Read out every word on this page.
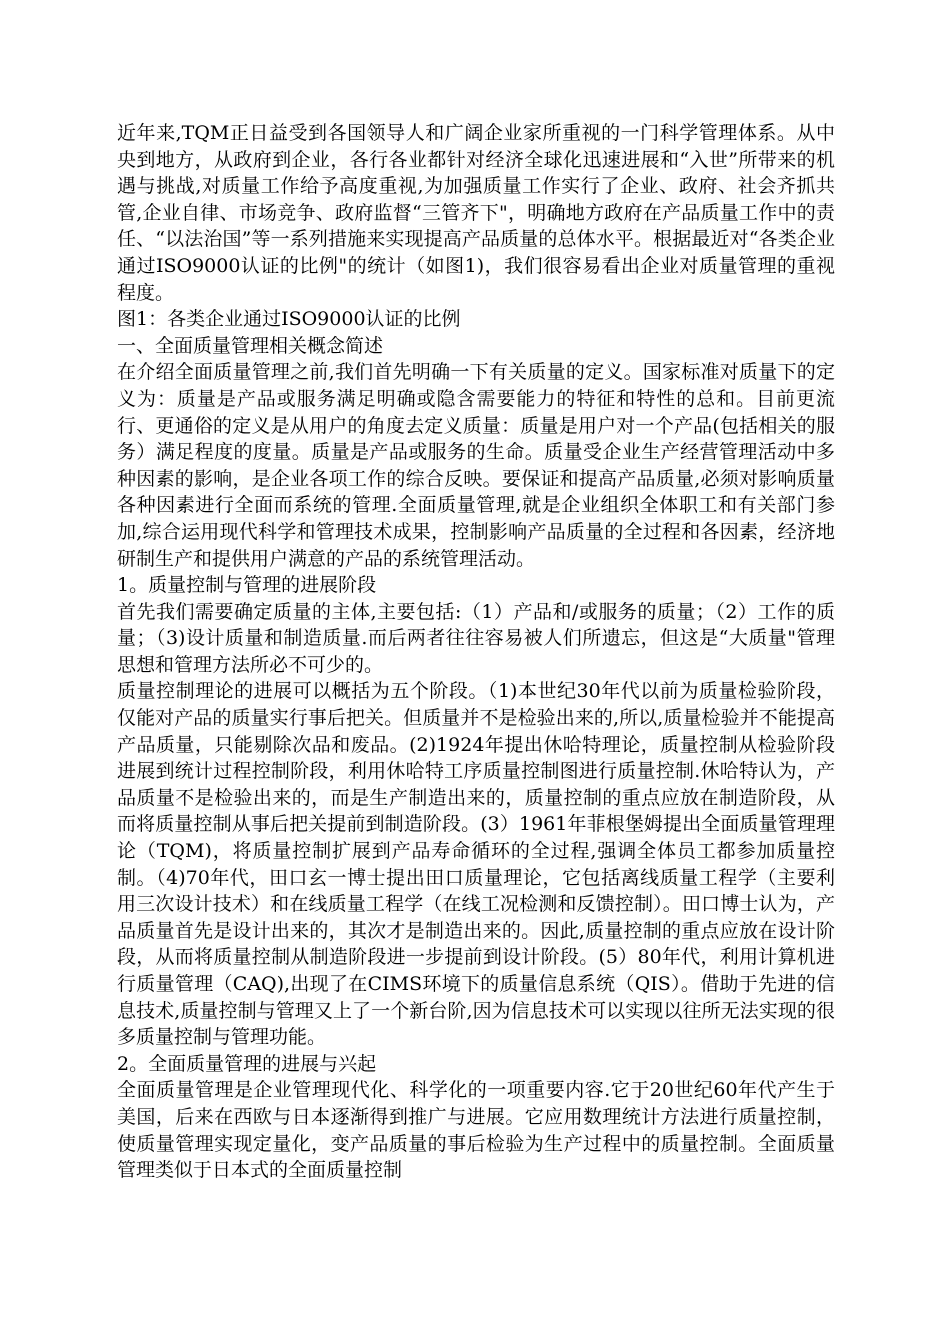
近年来,TQM正日益受到各国领导人和广阔企业家所重视的一门科学管理体系。从中央到地方，从政府到企业，各行各业都针对经济全球化迅速进展和“入世”所带来的机遇与挑战,对质量工作给予高度重视,为加强质量工作实行了企业、政府、社会齐抓共管,企业自律、市场竞争、政府监督“三管齐下"，明确地方政府在产品质量工作中的责任、“以法治国”等一系列措施来实现提高产品质量的总体水平。根据最近对“各类企业通过ISO9000认证的比例"的统计（如图1)，我们很容易看出企业对质量管理的重视程度。

图1：各类企业通过ISO9000认证的比例

一、全面质量管理相关概念简述

在介绍全面质量管理之前,我们首先明确一下有关质量的定义。国家标准对质量下的定义为：质量是产品或服务满足明确或隐含需要能力的特征和特性的总和。目前更流行、更通俗的定义是从用户的角度去定义质量：质量是用户对一个产品(包括相关的服务）满足程度的度量。质量是产品或服务的生命。质量受企业生产经营管理活动中多种因素的影响，是企业各项工作的综合反映。要保证和提高产品质量,必须对影响质量各种因素进行全面而系统的管理.全面质量管理,就是企业组织全体职工和有关部门参加,综合运用现代科学和管理技术成果，控制影响产品质量的全过程和各因素，经济地研制生产和提供用户满意的产品的系统管理活动。

1。质量控制与管理的进展阶段

首先我们需要确定质量的主体,主要包括:（1）产品和/或服务的质量；（2）工作的质量；（3)设计质量和制造质量.而后两者往往容易被人们所遗忘，但这是“大质量"管理思想和管理方法所必不可少的。

质量控制理论的进展可以概括为五个阶段。（1)本世纪30年代以前为质量检验阶段，仅能对产品的质量实行事后把关。但质量并不是检验出来的,所以,质量检验并不能提高产品质量，只能剔除次品和废品。(2)1924年提出休哈特理论，质量控制从检验阶段进展到统计过程控制阶段，利用休哈特工序质量控制图进行质量控制.休哈特认为，产品质量不是检验出来的，而是生产制造出来的，质量控制的重点应放在制造阶段，从而将质量控制从事后把关提前到制造阶段。(3）1961年菲根堡姆提出全面质量管理理论（TQM)，将质量控制扩展到产品寿命循环的全过程,强调全体员工都参加质量控制。（4)70年代，田口玄一博士提出田口质量理论，它包括离线质量工程学（主要利用三次设计技术）和在线质量工程学（在线工况检测和反馈控制）。田口博士认为，产品质量首先是设计出来的，其次才是制造出来的。因此,质量控制的重点应放在设计阶段，从而将质量控制从制造阶段进一步提前到设计阶段。(5）80年代，利用计算机进行质量管理（CAQ),出现了在CIMS环境下的质量信息系统（QIS）。借助于先进的信息技术,质量控制与管理又上了一个新台阶,因为信息技术可以实现以往所无法实现的很多质量控制与管理功能。

2。全面质量管理的进展与兴起

全面质量管理是企业管理现代化、科学化的一项重要内容.它于20世纪60年代产生于美国，后来在西欧与日本逐渐得到推广与进展。它应用数理统计方法进行质量控制，使质量管理实现定量化，变产品质量的事后检验为生产过程中的质量控制。全面质量管理类似于日本式的全面质量控制
